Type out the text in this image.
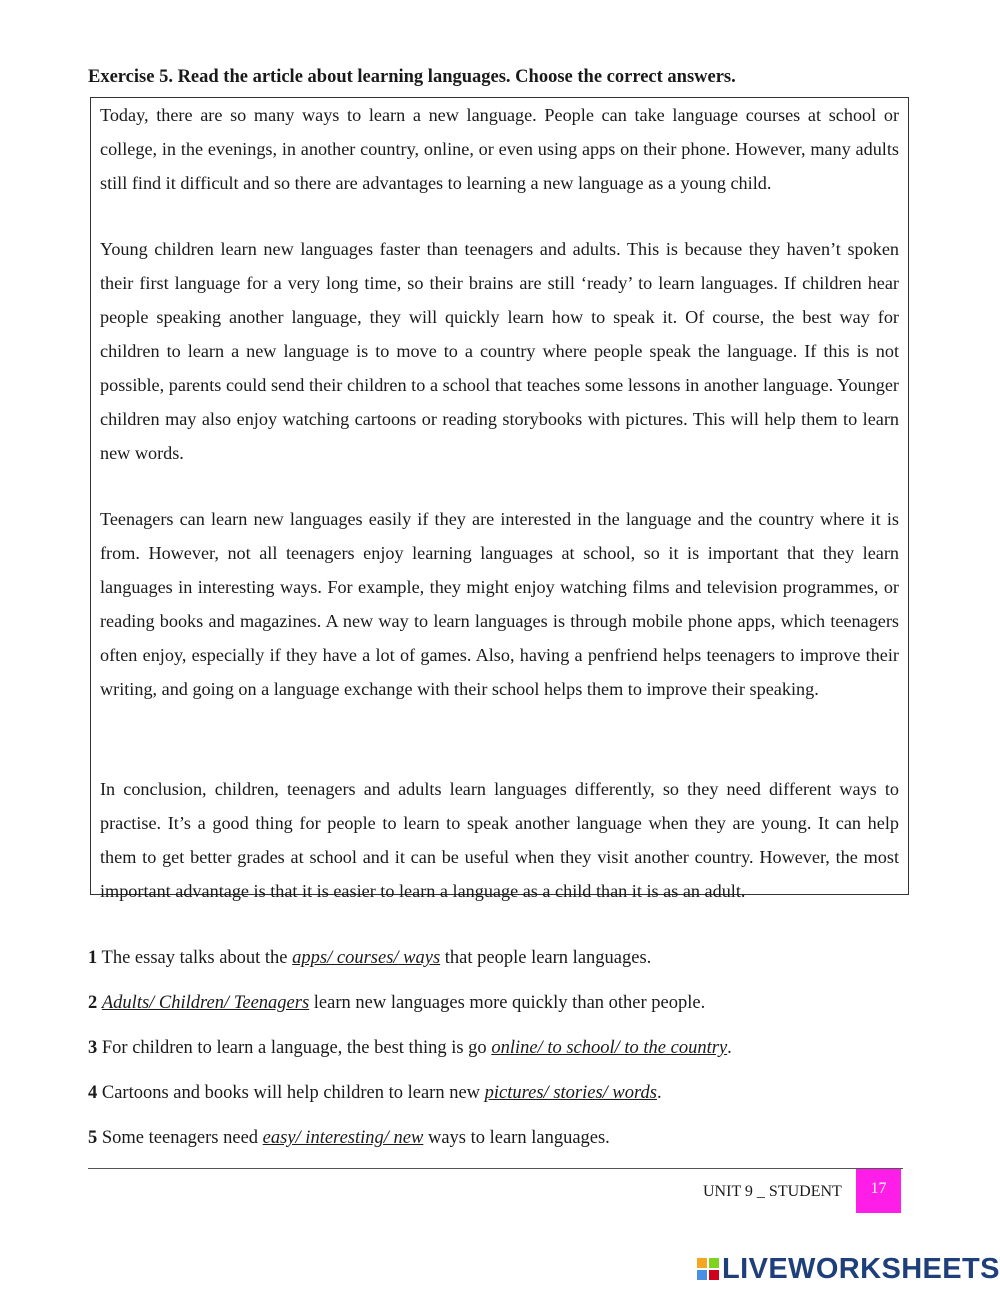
Exercise 5. Read the article about learning languages. Choose the correct answers.

Today, there are so many ways to learn a new language. People can take language courses at school or college, in the evenings, in another country, online, or even using apps on their phone. However, many adults still find it difficult and so there are advantages to learning a new language as a young child.

Young children learn new languages faster than teenagers and adults. This is because they haven’t spoken their first language for a very long time, so their brains are still ‘ready’ to learn languages. If children hear people speaking another language, they will quickly learn how to speak it. Of course, the best way for children to learn a new language is to move to a country where people speak the language. If this is not possible, parents could send their children to a school that teaches some lessons in another language. Younger children may also enjoy watching cartoons or reading storybooks with pictures. This will help them to learn new words.

Teenagers can learn new languages easily if they are interested in the language and the country where it is from. However, not all teenagers enjoy learning languages at school, so it is important that they learn languages in interesting ways. For example, they might enjoy watching films and television programmes, or reading books and magazines. A new way to learn languages is through mobile phone apps, which teenagers often enjoy, especially if they have a lot of games. Also, having a penfriend helps teenagers to improve their writing, and going on a language exchange with their school helps them to improve their speaking.

In conclusion, children, teenagers and adults learn languages differently, so they need different ways to practise. It’s a good thing for people to learn to speak another language when they are young. It can help them to get better grades at school and it can be useful when they visit another country. However, the most important advantage is that it is easier to learn a language as a child than it is as an adult.

1 The essay talks about the apps/ courses/ ways that people learn languages.
2 Adults/ Children/ Teenagers learn new languages more quickly than other people.
3 For children to learn a language, the best thing is go online/ to school/ to the country.
4 Cartoons and books will help children to learn new pictures/ stories/ words.
5 Some teenagers need easy/ interesting/ new ways to learn languages.
UNIT 9 _ STUDENT	17
LIVEWORKSHEETS
